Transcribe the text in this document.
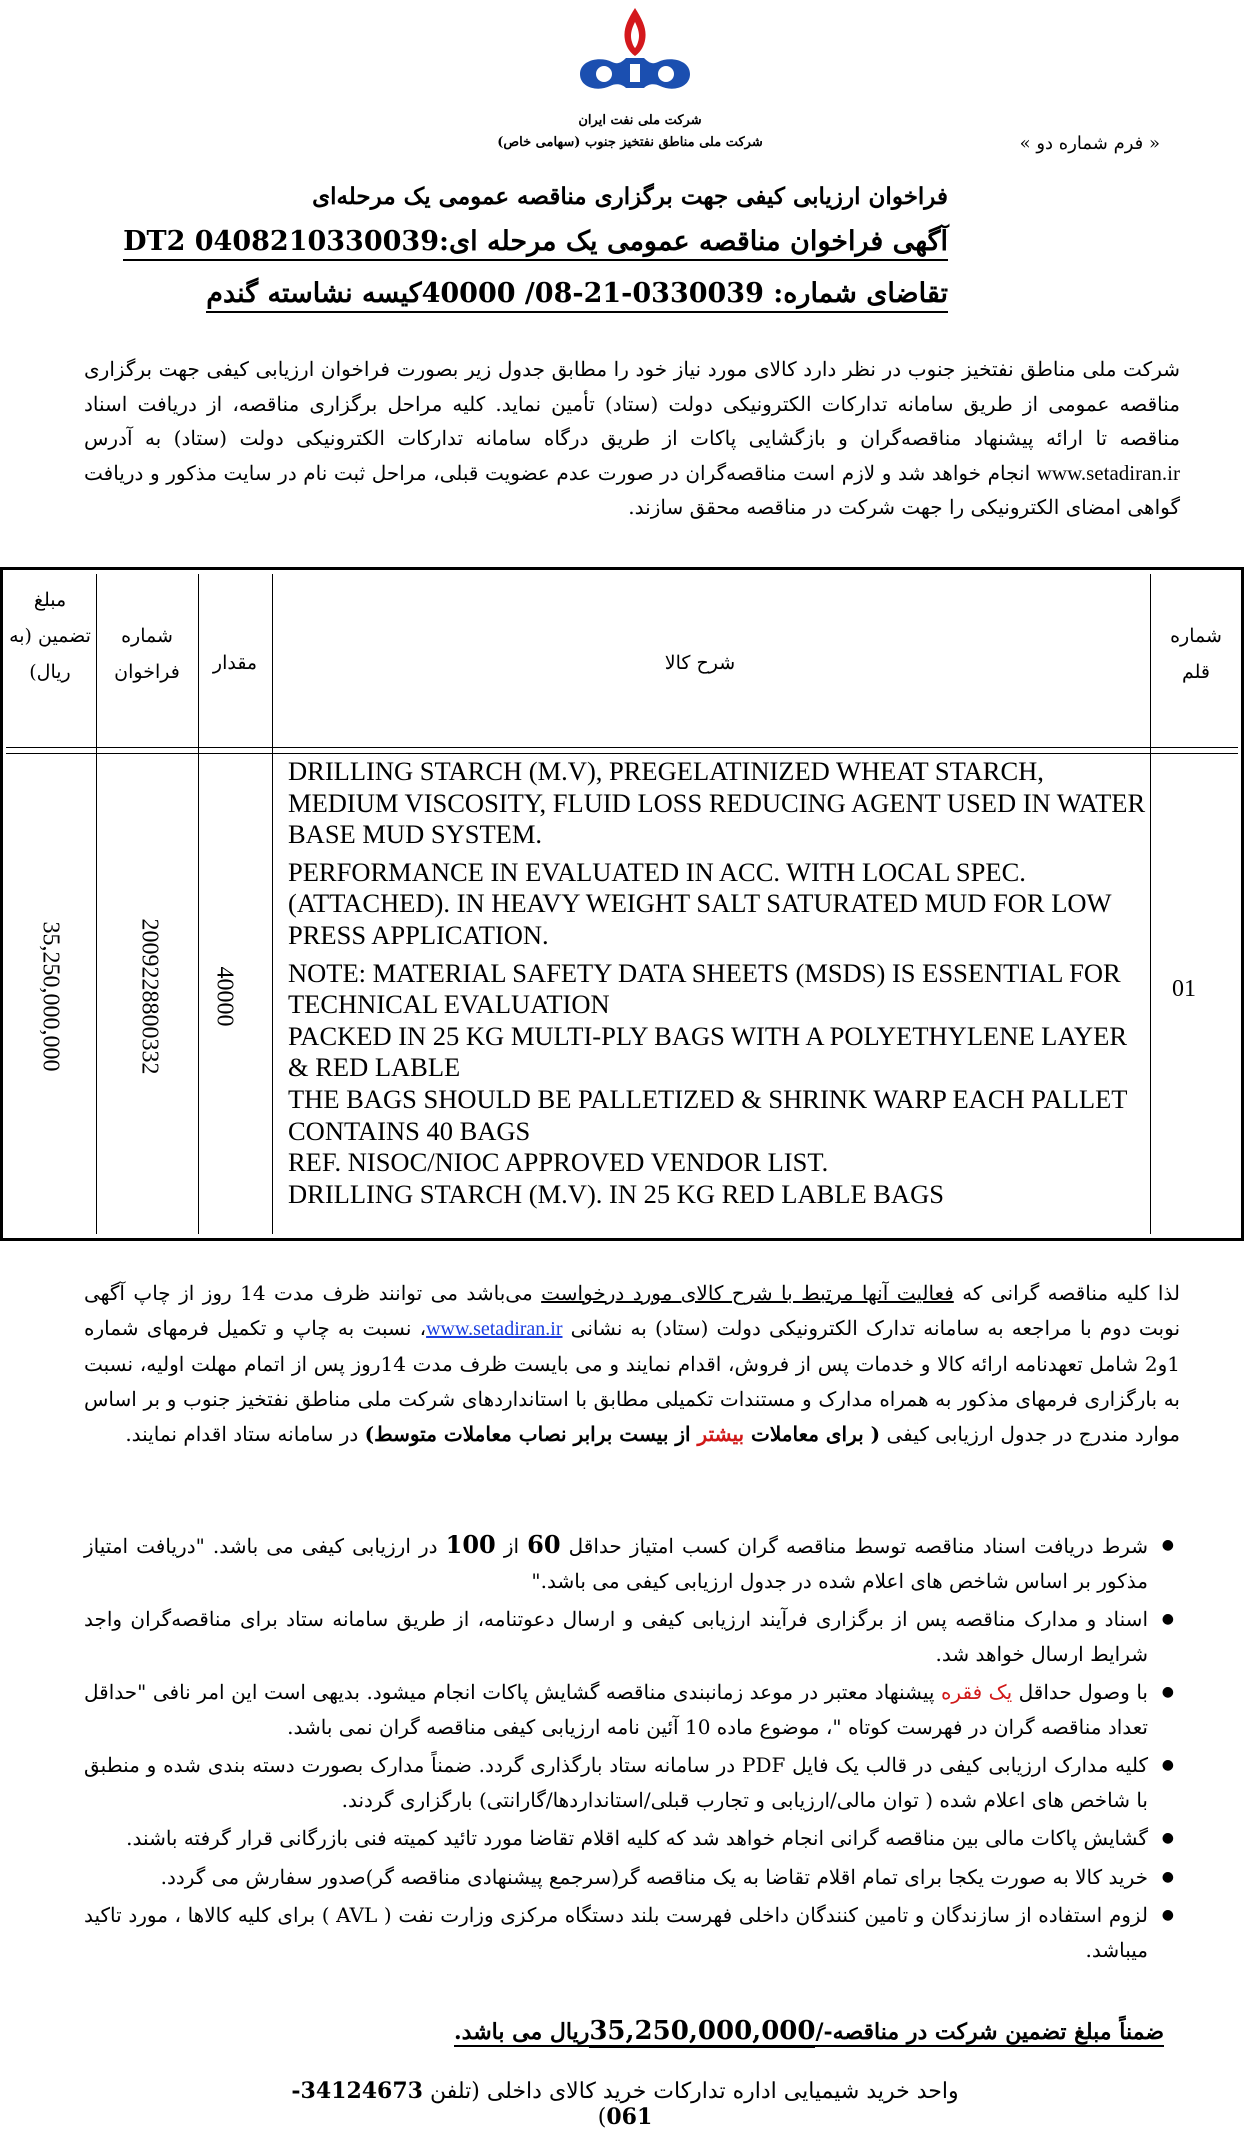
شرکت ملی نفت ایران
شرکت ملی مناطق نفتخیز جنوب (سهامی خاص)	« فرم شماره دو »
فراخوان ارزیابی کیفی جهت برگزاری مناقصه عمومی یک مرحله‌ای
آگهی فراخوان مناقصه عمومی یک مرحله ای:0408210330039 DT2
تقاضای شماره: 0330039-21-08/ 40000کیسه نشاسته گندم
شرکت ملی مناطق نفتخیز جنوب در نظر دارد کالای مورد نیاز خود را مطابق جدول زیر بصورت فراخوان ارزیابی کیفی جهت برگزاری مناقصه عمومی از طریق سامانه تدارکات الکترونیکی دولت (ستاد) تأمین نماید. کلیه مراحل برگزاری مناقصه، از دریافت اسناد مناقصه تا ارائه پیشنهاد مناقصه‌گران و بازگشایی پاکات از طریق درگاه سامانه تدارکات الکترونیکی دولت (ستاد) به آدرس www.setadiran.ir انجام خواهد شد و لازم است مناقصه‌گران در صورت عدم عضویت قبلی، مراحل ثبت نام در سایت مذکور و دریافت گواهی امضای الکترونیکی را جهت شرکت در مناقصه محقق سازند.
شماره قلم
شرح کالا
مقدار
شماره فراخوان
مبلغ تضمین (به ریال)

DRILLING STARCH (M.V), PREGELATINIZED WHEAT STARCH, MEDIUM VISCOSITY, FLUID LOSS REDUCING AGENT USED IN WATER BASE MUD SYSTEM.

PERFORMANCE IN EVALUATED IN ACC. WITH LOCAL SPEC. (ATTACHED). IN HEAVY WEIGHT SALT SATURATED MUD FOR LOW PRESS APPLICATION.

NOTE: MATERIAL SAFETY DATA SHEETS (MSDS) IS ESSENTIAL FOR TECHNICAL EVALUATION

PACKED IN 25 KG MULTI-PLY BAGS WITH A POLYETHYLENE LAYER & RED LABLE

THE BAGS SHOULD BE PALLETIZED & SHRINK WARP EACH PALLET CONTAINS 40 BAGS

REF. NISOC/NIOC APPROVED VENDOR LIST.

DRILLING STARCH (M.V). IN 25 KG RED LABLE BAGS

01
40000
2009228800332
35,250,000,000
لذا کلیه مناقصه گرانی که فعالیت آنها مرتبط با شرح کالای مورد درخواست می‌باشد می توانند ظرف مدت 14 روز از چاپ آگهی نوبت دوم با مراجعه به سامانه تدارک الکترونیکی دولت (ستاد) به نشانی www.setadiran.ir، نسبت به چاپ و تکمیل فرمهای شماره 1و2 شامل تعهدنامه ارائه کالا و خدمات پس از فروش، اقدام نمایند و می بایست ظرف مدت 14روز پس از اتمام مهلت اولیه، نسبت به بارگزاری فرمهای مذکور به همراه مدارک و مستندات تکمیلی مطابق با استانداردهای شرکت ملی مناطق نفتخیز جنوب و بر اساس موارد مندرج در جدول ارزیابی کیفی ( برای معاملات بیشتر از بیست برابر نصاب معاملات متوسط) در سامانه ستاد اقدام نمایند.
● شرط دریافت اسناد مناقصه توسط مناقصه گران کسب امتیاز حداقل 60 از 100 در ارزیابی کیفی می باشد. "دریافت امتیاز مذکور بر اساس شاخص های اعلام شده در جدول ارزیابی کیفی می باشد."
● اسناد و مدارک مناقصه پس از برگزاری فرآیند ارزیابی کیفی و ارسال دعوتنامه، از طریق سامانه ستاد برای مناقصه‌گران واجد شرایط ارسال خواهد شد.
● با وصول حداقل یک فقره پیشنهاد معتبر در موعد زمانبندی مناقصه گشایش پاکات انجام میشود. بدیهی است این امر نافی "حداقل تعداد مناقصه گران در فهرست کوتاه "، موضوع ماده 10 آئین نامه ارزیابی کیفی مناقصه گران نمی باشد.
● کلیه مدارک ارزیابی کیفی در قالب یک فایل PDF در سامانه ستاد بارگذاری گردد. ضمناً مدارک بصورت دسته بندی شده و منطبق با شاخص های اعلام شده ( توان مالی/ارزیابی و تجارب قبلی/استانداردها/گارانتی) بارگزاری گردند.
● گشایش پاکات مالی بین مناقصه گرانی انجام خواهد شد که کلیه اقلام تقاضا مورد تائید کمیته فنی بازرگانی قرار گرفته باشند.
● خرید کالا به صورت یکجا برای تمام اقلام تقاضا به یک مناقصه گر(سرجمع پیشنهادی مناقصه گر)صدور سفارش می گردد.
● لزوم استفاده از سازندگان و تامین کنندگان داخلی فهرست بلند دستگاه مرکزی وزارت نفت ( AVL ) برای کلیه کالاها ، مورد تاکید میباشد.
ضمناً مبلغ تضمین شرکت در مناقصه-/35,250,000,000ریال می باشد.
واحد خرید شیمیایی اداره تدارکات خرید کالای داخلی (تلفن 34124673-061)
